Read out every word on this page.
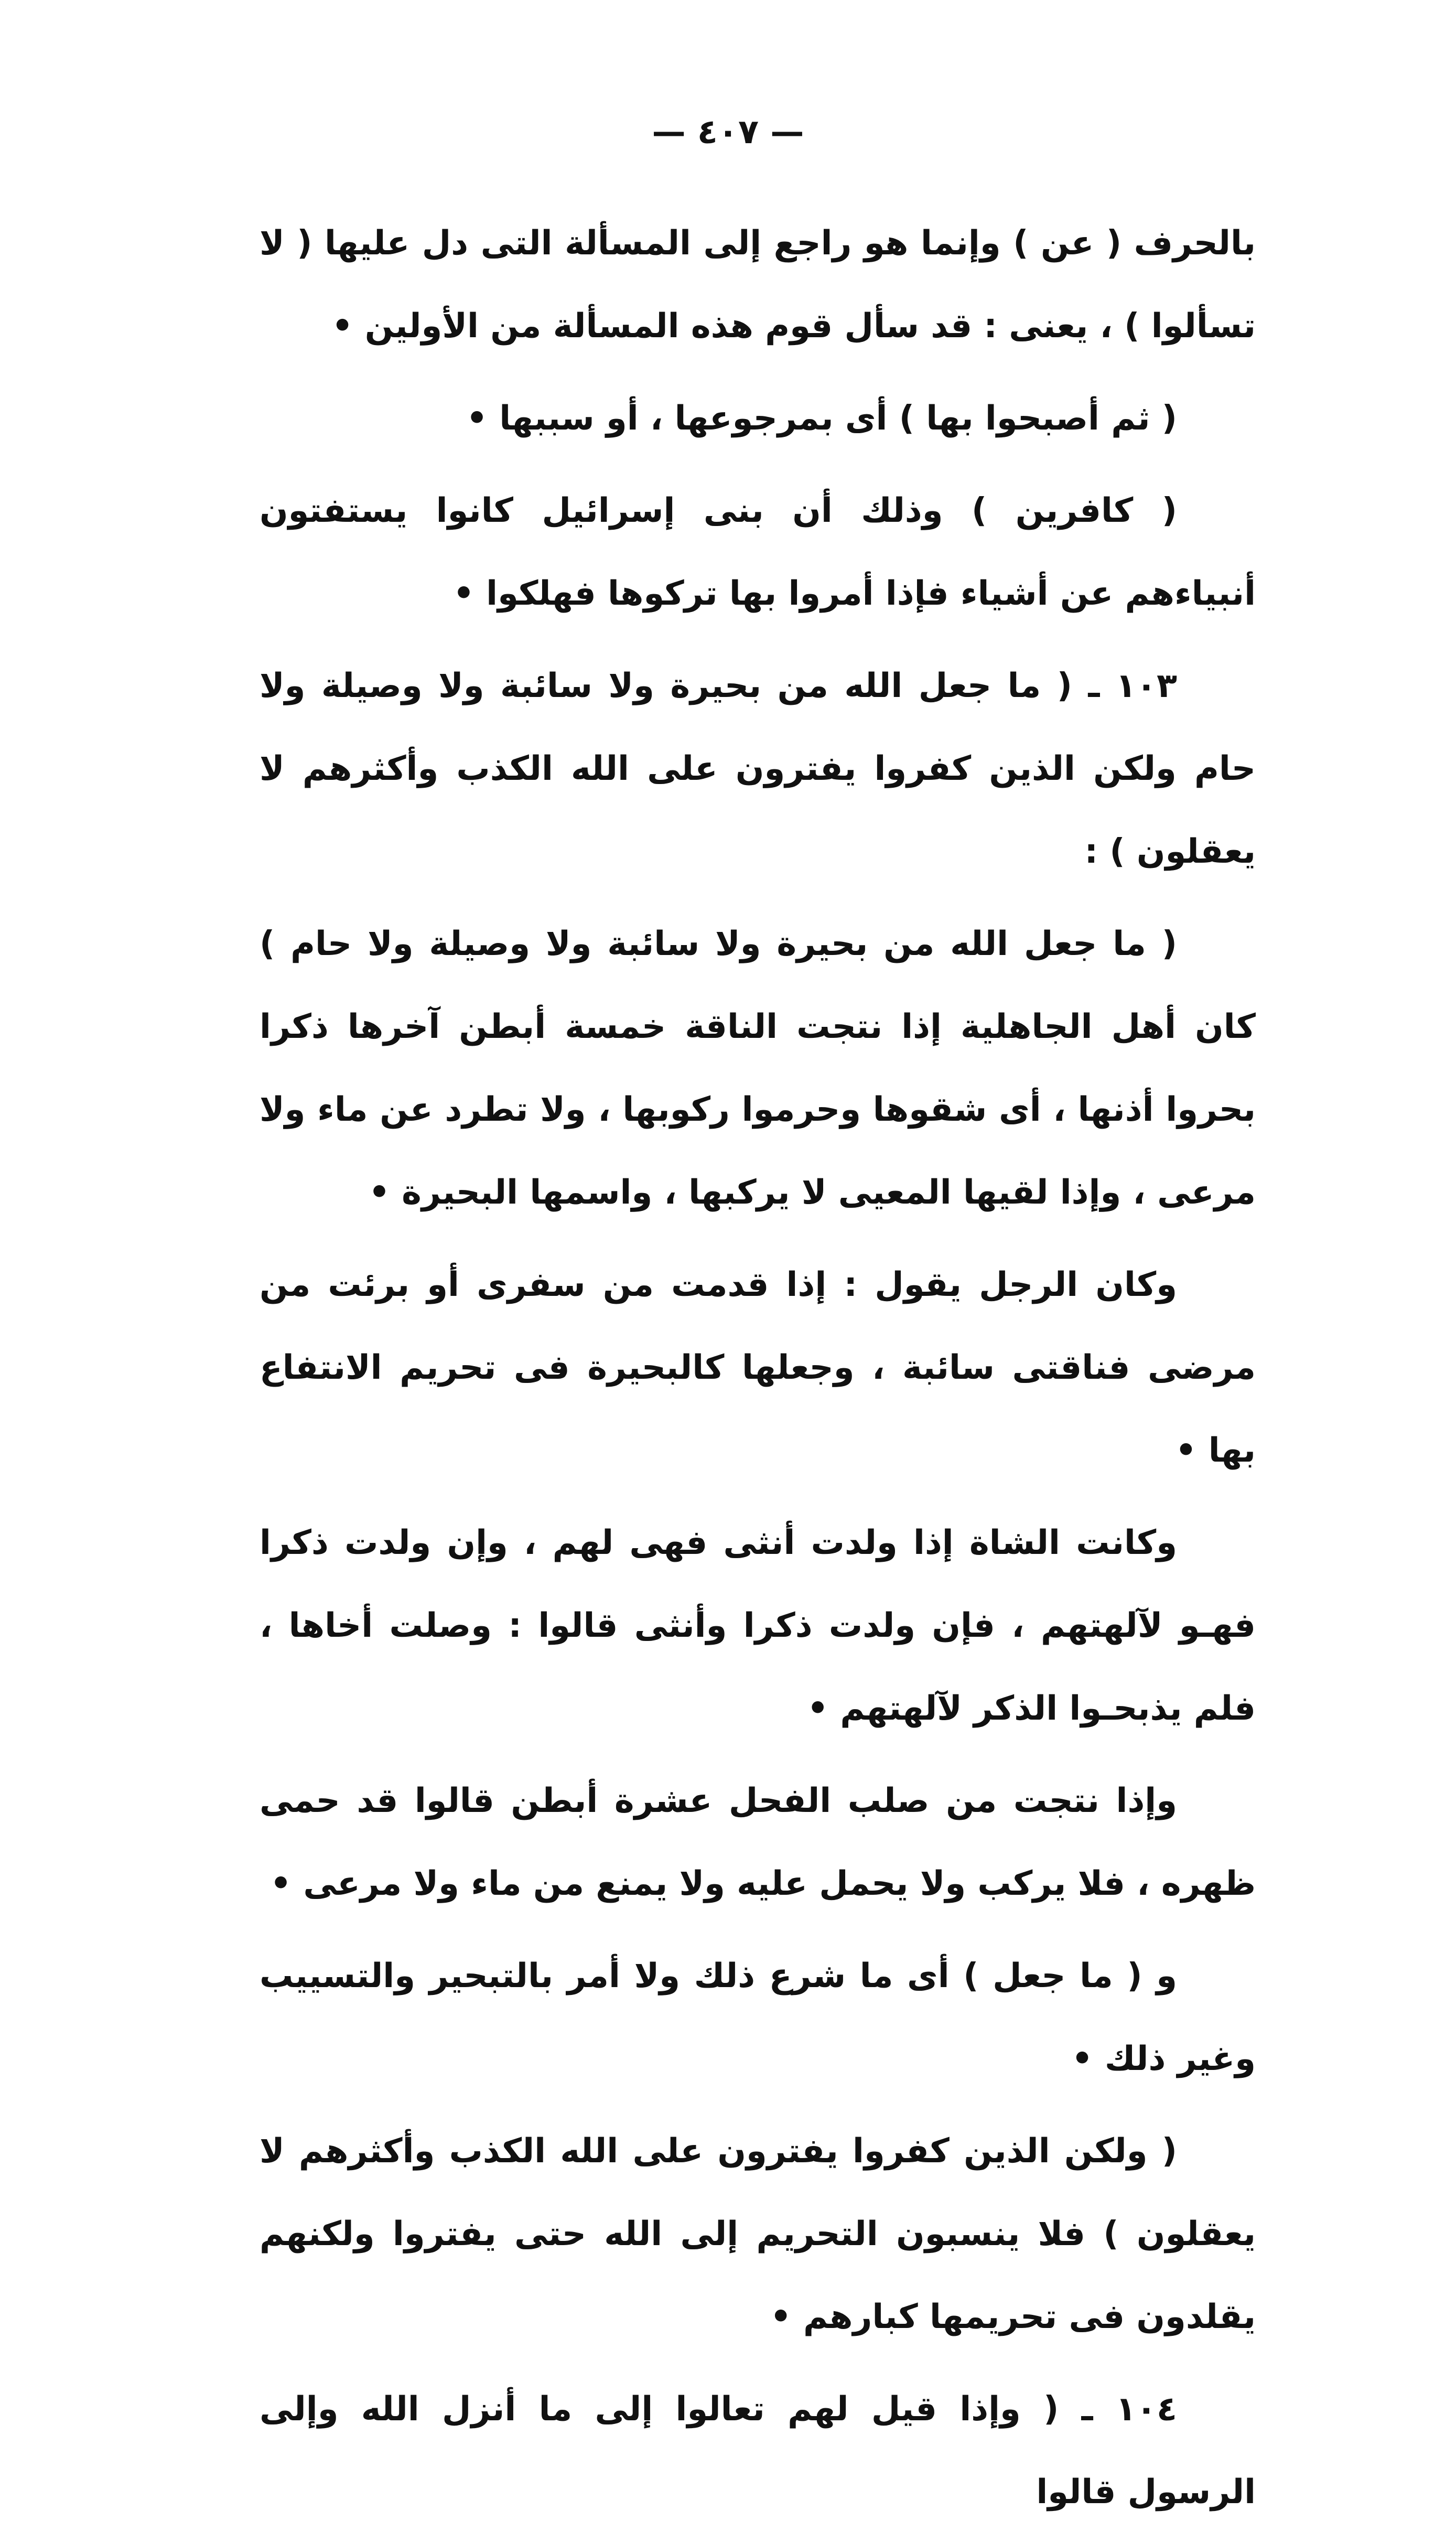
— ٤٠٧ —

بالحرف ( عن ) وإنما هو راجع إلى المسألة التى دل عليها ( لا تسألوا ) ، يعنى : قد سأل قوم هذه المسألة من الأولين •

( ثم أصبحوا بها ) أى بمرجوعها ، أو سببها •

( كافرين ) وذلك أن بنى إسرائيل كانوا يستفتون أنبياءهم عن أشياء فإذا أمروا بها تركوها فهلكوا •

١٠٣ ـ ( ما جعل الله من بحيرة ولا سائبة ولا وصيلة ولا حام ولكن الذين كفروا يفترون على الله الكذب وأكثرهم لا يعقلون ) :

( ما جعل الله من بحيرة ولا سائبة ولا وصيلة ولا حام ) كان أهل الجاهلية إذا نتجت الناقة خمسة أبطن آخرها ذكرا بحروا أذنها ، أى شقوها وحرموا ركوبها ، ولا تطرد عن ماء ولا مرعى ، وإذا لقيها المعيى لا يركبها ، واسمها البحيرة •

وكان الرجل يقول : إذا قدمت من سفرى أو برئت من مرضى فناقتى سائبة ، وجعلها كالبحيرة فى تحريم الانتفاع بها •

وكانت الشاة إذا ولدت أنثى فهى لهم ، وإن ولدت ذكرا فهـو لآلهتهم ، فإن ولدت ذكرا وأنثى قالوا : وصلت أخاها ، فلم يذبحـوا الذكر لآلهتهم •

وإذا نتجت من صلب الفحل عشرة أبطن قالوا قد حمى ظهره ، فلا يركب ولا يحمل عليه ولا يمنع من ماء ولا مرعى •

و ( ما جعل ) أى ما شرع ذلك ولا أمر بالتبحير والتسييب وغير ذلك •

( ولكن الذين كفروا يفترون على الله الكذب وأكثرهم لا يعقلون ) فلا ينسبون التحريم إلى الله حتى يفتروا ولكنهم يقلدون فى تحريمها كبارهم •

١٠٤ ـ ( وإذا قيل لهم تعالوا إلى ما أنزل الله وإلى الرسول قالوا
